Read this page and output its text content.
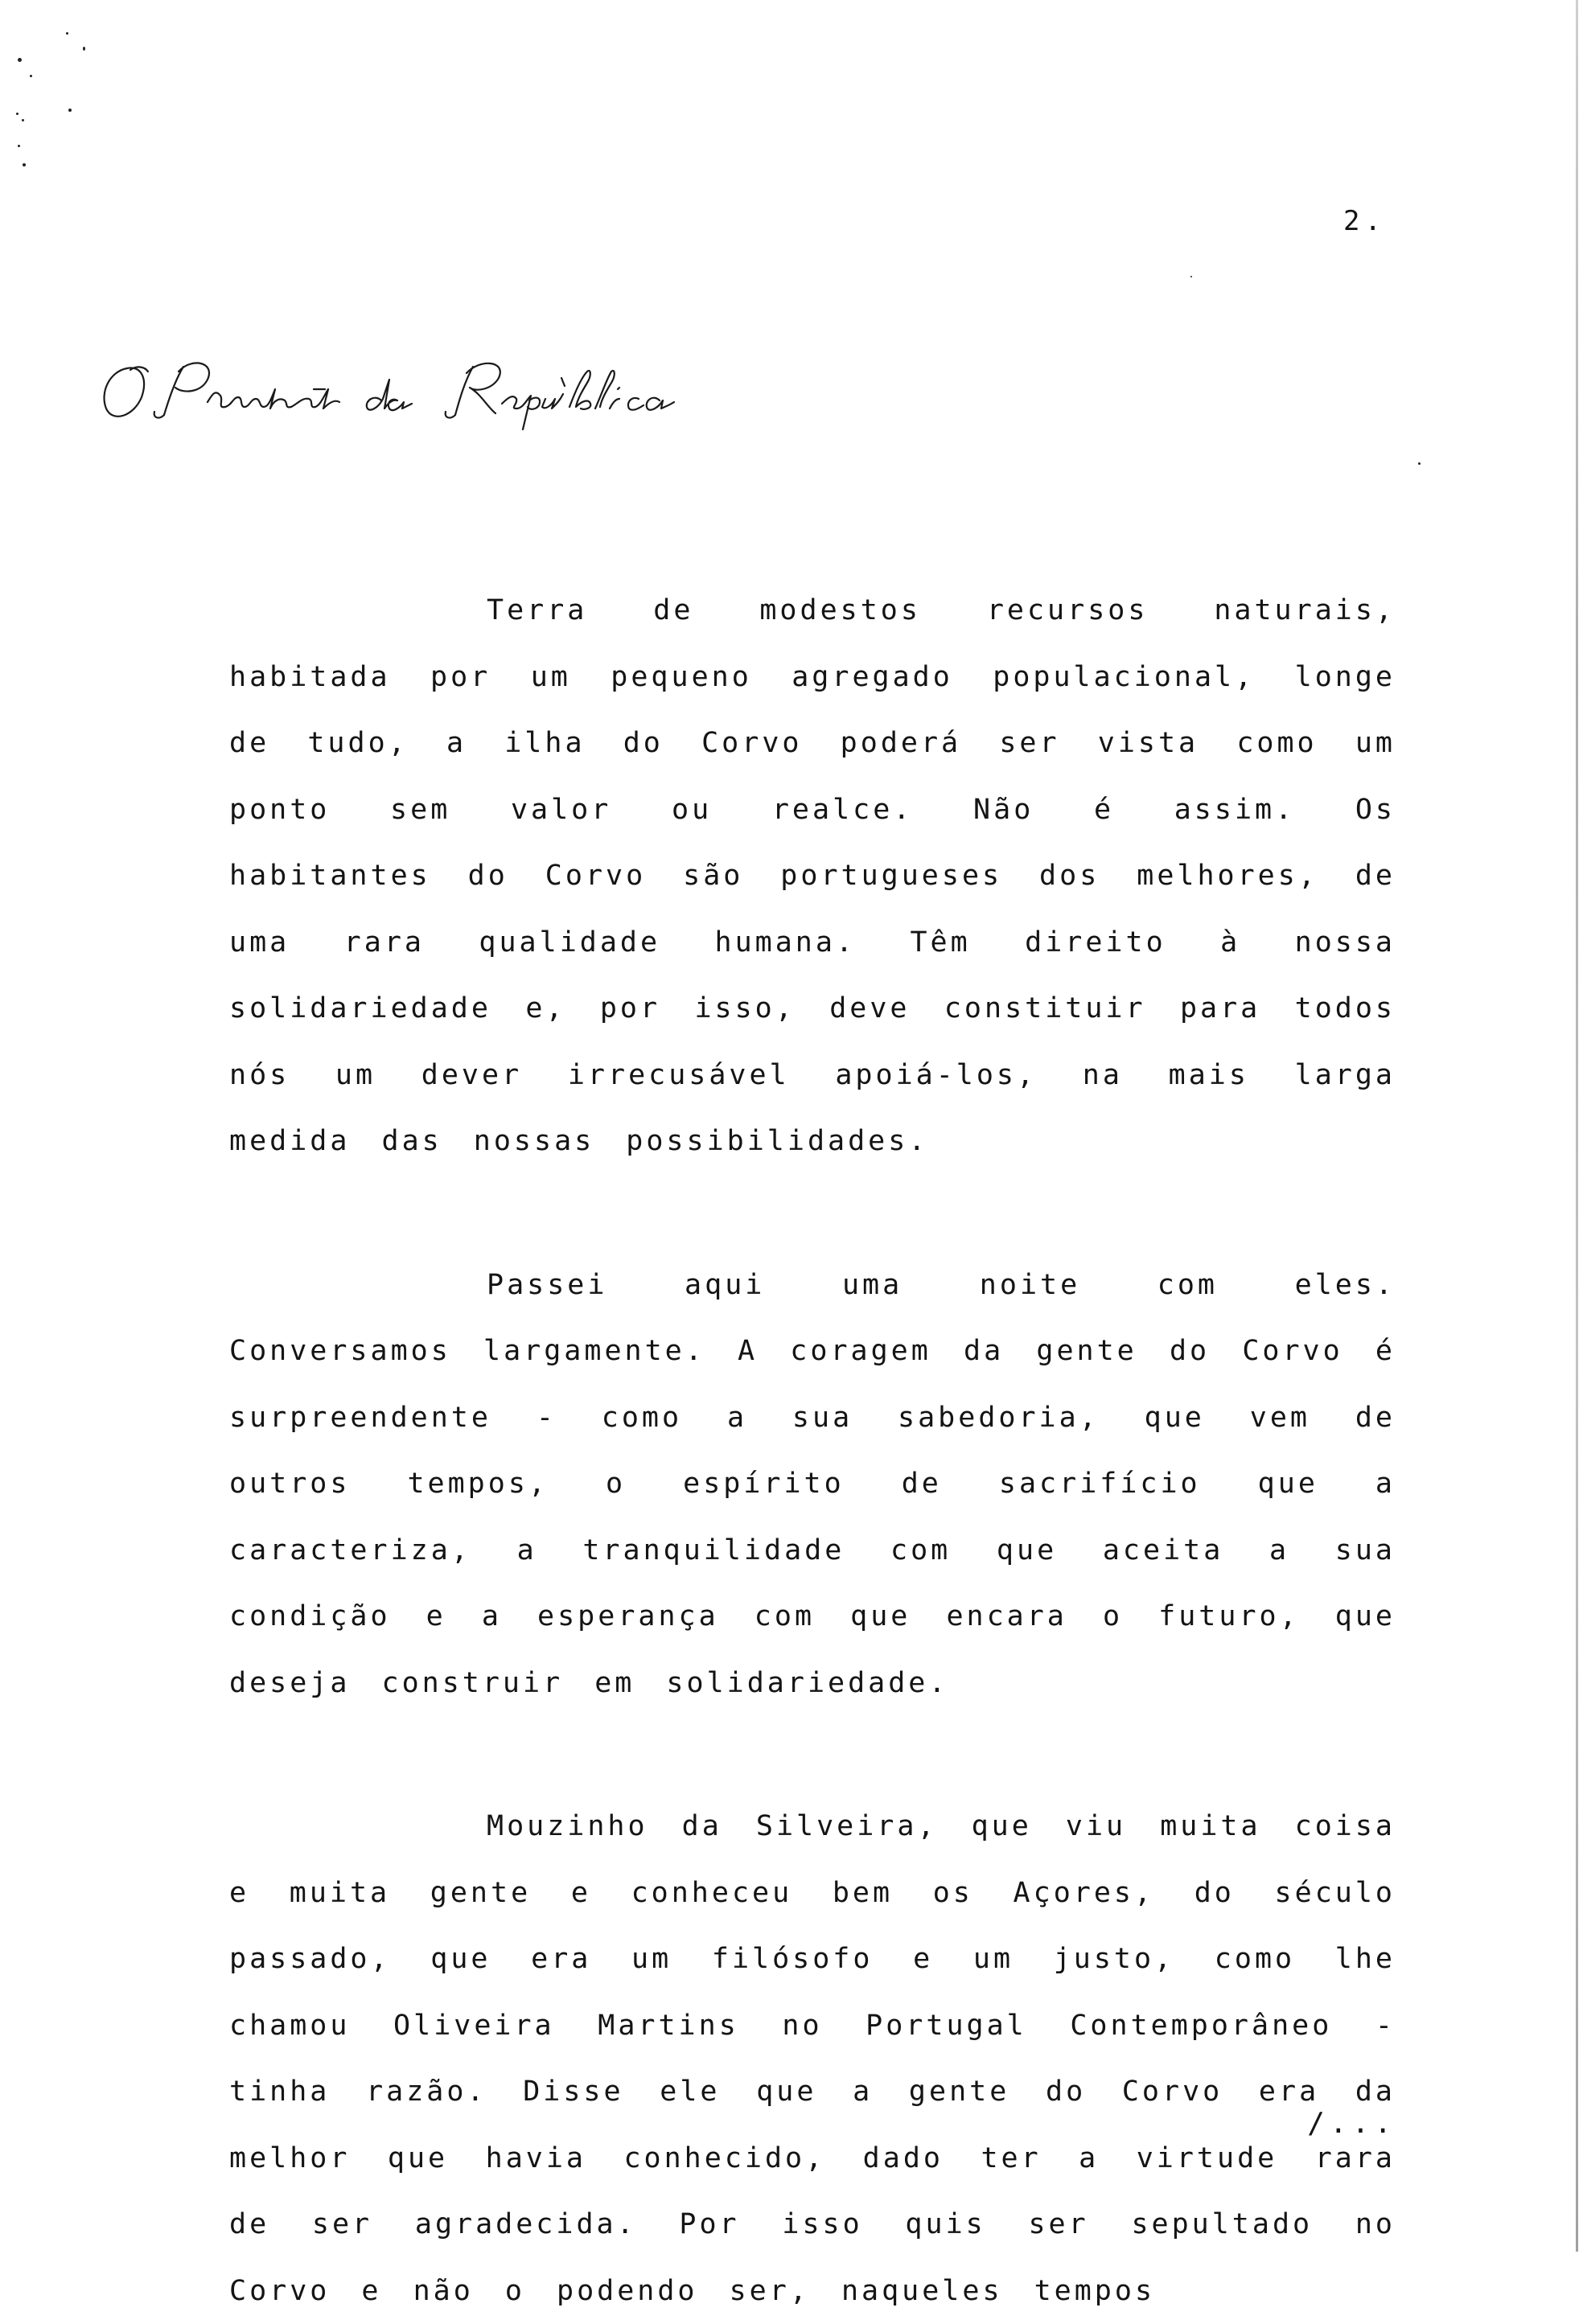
2.

Terra de modestos recursos naturais, habitada por um pequeno agregado populacional, longe de tudo, a ilha do Corvo poderá ser vista como um ponto sem valor ou realce. Não é assim. Os habitantes do Corvo são portugueses dos melhores, de uma rara qualidade humana. Têm direito à nossa solidariedade e, por isso, deve constituir para todos nós um dever irrecusável apoiá-los, na mais larga medida das nossas possibilidades.

Passei aqui uma noite com eles. Conversamos largamente. A coragem da gente do Corvo é surpreendente - como a sua sabedoria, que vem de outros tempos, o espírito de sacrifício que a caracteriza, a tranquilidade com que aceita a sua condição e a esperança com que encara o futuro, que deseja construir em solidariedade.

Mouzinho da Silveira, que viu muita coisa e muita gente e conheceu bem os Açores, do século passado, que era um filósofo e um justo, como lhe chamou Oliveira Martins no Portugal Contemporâneo - tinha razão. Disse ele que a gente do Corvo era da melhor que havia conhecido, dado ter a virtude rara de ser agradecida. Por isso quis ser sepultado no Corvo e não o podendo ser, naqueles tempos

/...
